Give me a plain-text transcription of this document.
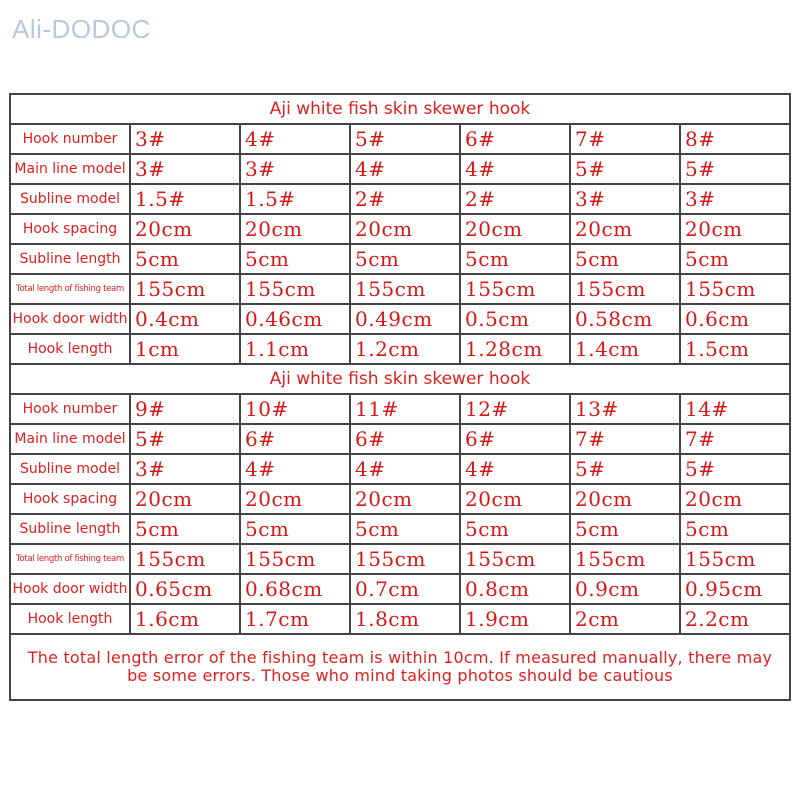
Ali-DODOC
Aji white fish skin skewer hook						
Hook number	3#	4#	5#	6#	7#	8#
Main line model	3#	3#	4#	4#	5#	5#
Subline model	1.5#	1.5#	2#	2#	3#	3#
Hook spacing	20cm	20cm	20cm	20cm	20cm	20cm
Subline length	5cm	5cm	5cm	5cm	5cm	5cm
Total length of fishing team	155cm	155cm	155cm	155cm	155cm	155cm
Hook door width	0.4cm	0.46cm	0.49cm	0.5cm	0.58cm	0.6cm
Hook length	1cm	1.1cm	1.2cm	1.28cm	1.4cm	1.5cm
Aji white fish skin skewer hook						
Hook number	9#	10#	11#	12#	13#	14#
Main line model	5#	6#	6#	6#	7#	7#
Subline model	3#	4#	4#	4#	5#	5#
Hook spacing	20cm	20cm	20cm	20cm	20cm	20cm
Subline length	5cm	5cm	5cm	5cm	5cm	5cm
Total length of fishing team	155cm	155cm	155cm	155cm	155cm	155cm
Hook door width	0.65cm	0.68cm	0.7cm	0.8cm	0.9cm	0.95cm
Hook length	1.6cm	1.7cm	1.8cm	1.9cm	2cm	2.2cm
The total length error of the fishing team is within 10cm. If measured manually, there may be some errors. Those who mind taking photos should be cautious						
